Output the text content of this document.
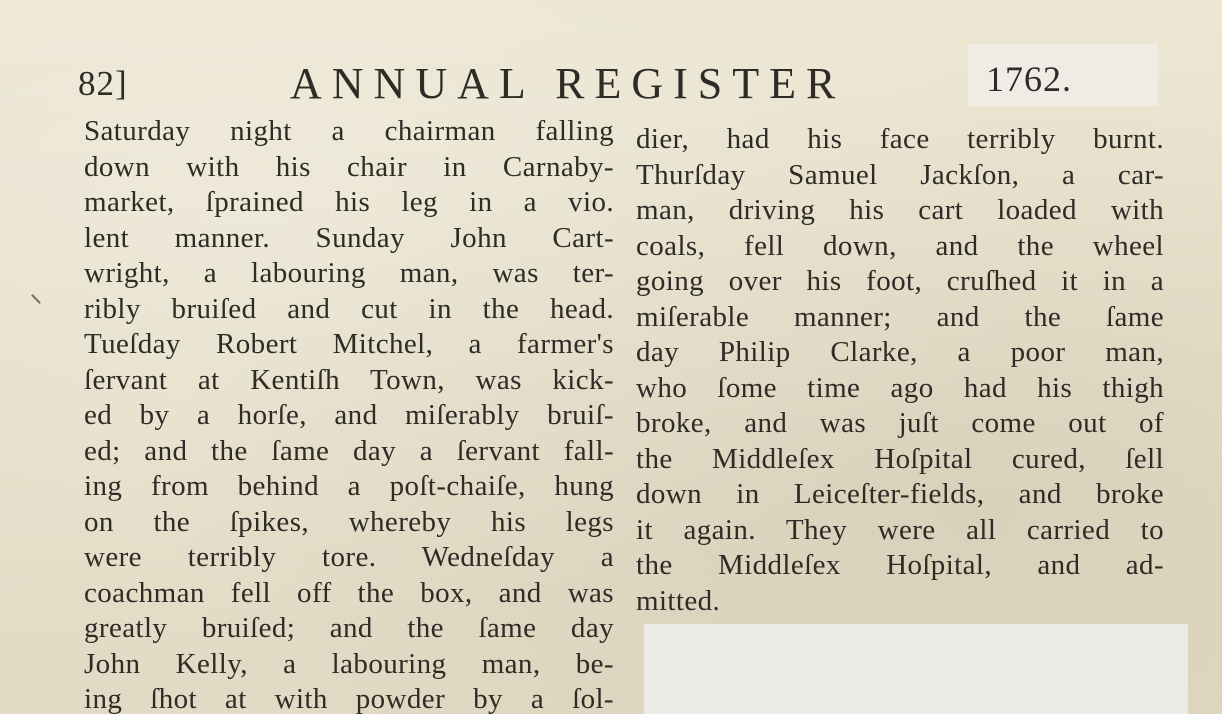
82]	ANNUAL REGISTER	1762.
Saturday night a chairman falling
down with his chair in Carnaby-
market, ſprained his leg in a vio.
lent manner. Sunday John Cart-
wright, a labouring man, was ter-
ribly bruiſed and cut in the head.
Tueſday Robert Mitchel, a farmer's
ſervant at Kentiſh Town, was kick-
ed by a horſe, and miſerably bruiſ-
ed; and the ſame day a ſervant fall-
ing from behind a poſt-chaiſe, hung
on the ſpikes, whereby his legs
were terribly tore. Wedneſday a
coachman fell off the box, and was
greatly bruiſed; and the ſame day
John Kelly, a labouring man, be-
ing ſhot at with powder by a ſol-
dier, had his face terribly burnt.
Thurſday Samuel Jackſon, a car-
man, driving his cart loaded with
coals, fell down, and the wheel
going over his foot, cruſhed it in a
miſerable manner; and the ſame
day Philip Clarke, a poor man,
who ſome time ago had his thigh
broke, and was juſt come out of
the Middleſex Hoſpital cured, ſell
down in Leiceſter-fields, and broke
it again. They were all carried to
the Middleſex Hoſpital, and ad-
mitted.
